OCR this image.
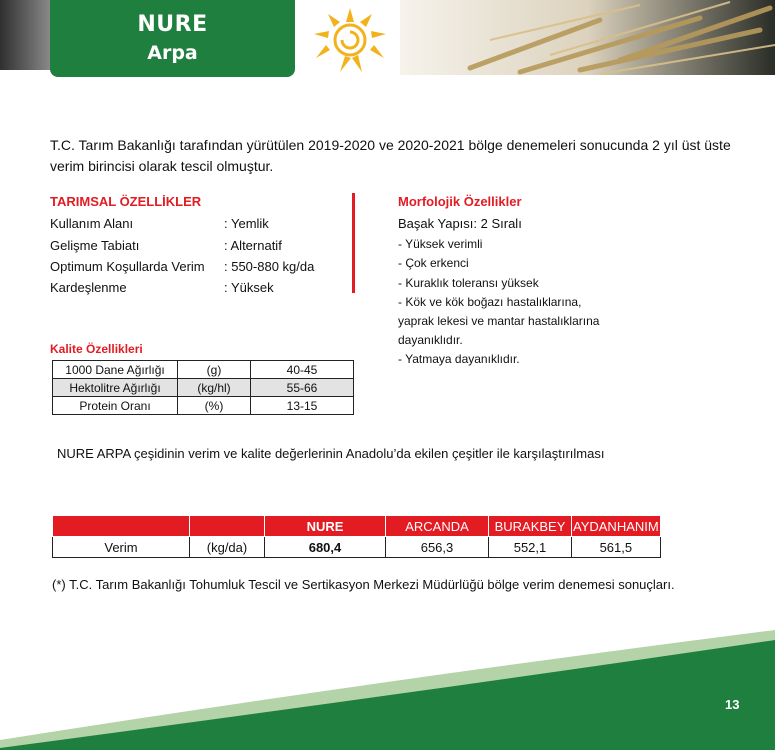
NURE
Arpa
T.C. Tarım Bakanlığı tarafından yürütülen 2019-2020 ve 2020-2021 bölge denemeleri sonucunda 2 yıl üst üste verim birincisi olarak tescil olmuştur.
TARIMSAL ÖZELLİKLER
Kullanım Alanı	: Yemlik
Gelişme Tabiatı	: Alternatif
Optimum Koşullarda Verim : 550-880 kg/da
Kardeşlenme	: Yüksek
Morfolojik Özellikler
Başak Yapısı: 2 Sıralı
- Yüksek verimli
- Çok erkenci
- Kuraklık toleransı yüksek
- Kök ve kök boğazı hastalıklarına,
yaprak lekesi ve mantar hastalıklarına
dayanıklıdır.
- Yatmaya dayanıklıdır.
Kalite Özellikleri
1000 Dane Ağırlığı	(g)	40-45
Hektolitre Ağırlığı	(kg/hl)	55-66
Protein Oranı	(%)	13-15
NURE ARPA çeşidinin verim ve kalite değerlerinin Anadolu’da ekilen çeşitler ile karşılaştırılması
		NURE	ARCANDA	BURAKBEY	AYDANHANIM
Verim	(kg/da)	680,4	656,3	552,1	561,5
(*) T.C. Tarım Bakanlığı Tohumluk Tescil ve Sertikasyon Merkezi Müdürlüğü bölge verim denemesi sonuçları.
13
